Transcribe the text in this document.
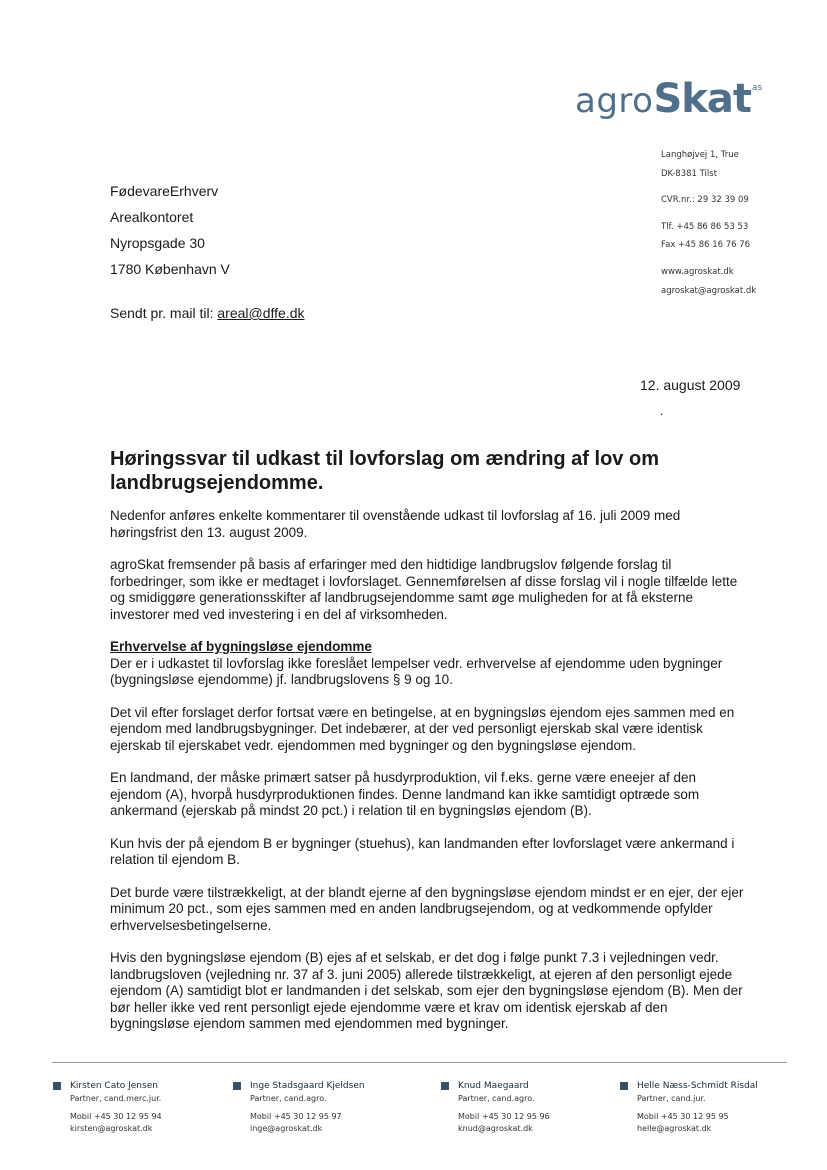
agroSkat$^{as}$
Langhøjvej 1, True
DK-8381 Tilst
CVR.nr.: 29 32 39 09
Tlf. +45 86 86 53 53
Fax +45 86 16 76 76
www.agroskat.dk
agroskat@agroskat.dk
FødevareErhverv
Arealkontoret
Nyropsgade 30
1780 København V
Sendt pr. mail til: areal@dffe.dk
12. august 2009
.
Høringssvar til udkast til lovforslag om ændring af lov om landbrugsejendomme.

Nedenfor anføres enkelte kommentarer til ovenstående udkast til lovforslag af 16. juli 2009 med høringsfrist den 13. august 2009.

agroSkat fremsender på basis af erfaringer med den hidtidige landbrugslov følgende forslag til forbedringer, som ikke er medtaget i lovforslaget. Gennemførelsen af disse forslag vil i nogle tilfælde lette og smidiggøre generationsskifter af landbrugsejendomme samt øge muligheden for at få eksterne investorer med ved investering i en del af virksomheden.

Erhvervelse af bygningsløse ejendomme

Der er i udkastet til lovforslag ikke foreslået lempelser vedr. erhvervelse af ejendomme uden bygninger (bygningsløse ejendomme) jf. landbrugslovens § 9 og 10.

Det vil efter forslaget derfor fortsat være en betingelse, at en bygningsløs ejendom ejes sammen med en ejendom med landbrugsbygninger. Det indebærer, at der ved personligt ejerskab skal være identisk ejerskab til ejerskabet vedr. ejendommen med bygninger og den bygningsløse ejendom.

En landmand, der måske primært satser på husdyrproduktion, vil f.eks. gerne være eneejer af den ejendom (A), hvorpå husdyrproduktionen findes. Denne landmand kan ikke samtidigt optræde som ankermand (ejerskab på mindst 20 pct.) i relation til en bygningsløs ejendom (B).

Kun hvis der på ejendom B er bygninger (stuehus), kan landmanden efter lovforslaget være ankermand i relation til ejendom B.

Det burde være tilstrækkeligt, at der blandt ejerne af den bygningsløse ejendom mindst er en ejer, der ejer minimum 20 pct., som ejes sammen med en anden landbrugsejendom, og at vedkommende opfylder erhvervelsesbetingelserne.

Hvis den bygningsløse ejendom (B) ejes af et selskab, er det dog i følge punkt 7.3 i vejledningen vedr. landbrugsloven (vejledning nr. 37 af 3. juni 2005) allerede tilstrækkeligt, at ejeren af den personligt ejede ejendom (A) samtidigt blot er landmanden i det selskab, som ejer den bygningsløse ejendom (B). Men der bør heller ikke ved rent personligt ejede ejendomme være et krav om identisk ejerskab af den bygningsløse ejendom sammen med ejendommen med bygninger.

Kirsten Cato Jensen
Partner, cand.merc.jur.
Mobil +45 30 12 95 94
kirsten@agroskat.dk
Inge Stadsgaard Kjeldsen
Partner, cand.agro.
Mobil +45 30 12 95 97
inge@agroskat.dk
Knud Maegaard
Partner, cand.agro.
Mobil +45 30 12 95 96
knud@agroskat.dk
Helle Næss-Schmidt Risdal
Partner, cand.jur.
Mobil +45 30 12 95 95
helle@agroskat.dk
